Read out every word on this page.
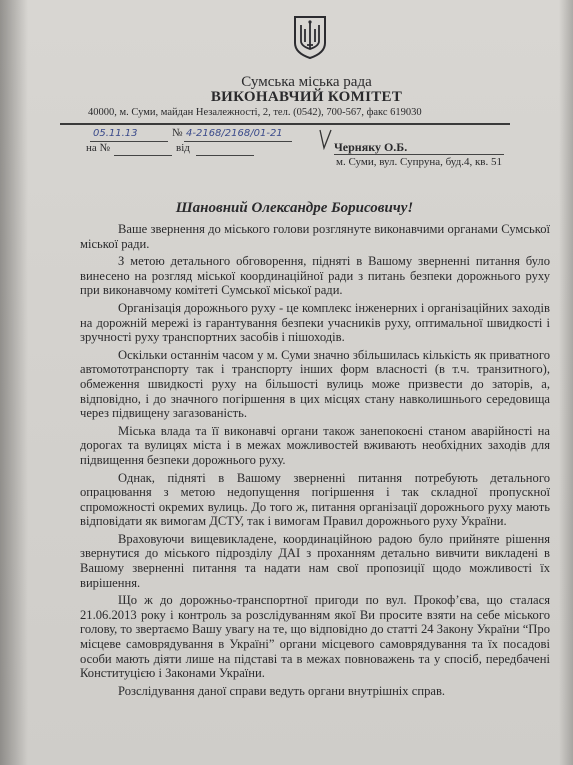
Сумська міська рада
ВИКОНАВЧИЙ КОМІТЕТ
40000, м. Суми, майдан Незалежності, 2, тел. (0542), 700-567, факс 619030
05.11.13	№ 4-2168/2168/01-21
на №	від	Черняку О.Б.
м. Суми, вул. Супруна, буд.4, кв. 51
Шановний Олександре Борисовичу!

Ваше звернення до міського голови розглянуте виконавчими органами Сумської міської ради.

З метою детального обговорення, підняті в Вашому зверненні питання було винесено на розгляд міської координаційної ради з питань безпеки дорожнього руху при виконавчому комітеті Сумської міської ради.

Організація дорожнього руху - це комплекс інженерних і організаційних заходів на дорожній мережі із гарантування безпеки учасників руху, оптимальної швидкості і зручності руху транспортних засобів і пішоходів.

Оскільки останнім часом у м. Суми значно збільшилась кількість як приватного автомототранспорту так і транспорту інших форм власності (в т.ч. транзитного), обмеження швидкості руху на більшості вулиць може призвести до заторів, а, відповідно, і до значного погіршення в цих місцях стану навколишнього середовища через підвищену загазованість.

Міська влада та її виконавчі органи також занепокоєні станом аварійності на дорогах та вулицях міста і в межах можливостей вживають необхідних заходів для підвищення безпеки дорожнього руху.

Однак, підняті в Вашому зверненні питання потребують детального опрацювання з метою недопущення погіршення і так складної пропускної спроможності окремих вулиць. До того ж, питання організації дорожнього руху мають відповідати як вимогам ДСТУ, так і вимогам Правил дорожнього руху України.

Враховуючи вищевикладене, координаційною радою було прийняте рішення звернутися до міського підрозділу ДАІ з проханням детально вивчити викладені в Вашому зверненні питання та надати нам свої пропозиції щодо можливості їх вирішення.

Що ж до дорожньо-транспортної пригоди по вул. Прокоф’єва, що сталася 21.06.2013 року і контроль за розслідуванням якої Ви просите взяти на себе міського голову, то звертаємо Вашу увагу на те, що відповідно до статті 24 Закону України “Про місцеве самоврядування в Україні” органи місцевого самоврядування та їх посадові особи мають діяти лише на підставі та в межах повноважень та у спосіб, передбачені Конституцією і Законами України.

Розслідування даної справи ведуть органи внутрішніх справ.
